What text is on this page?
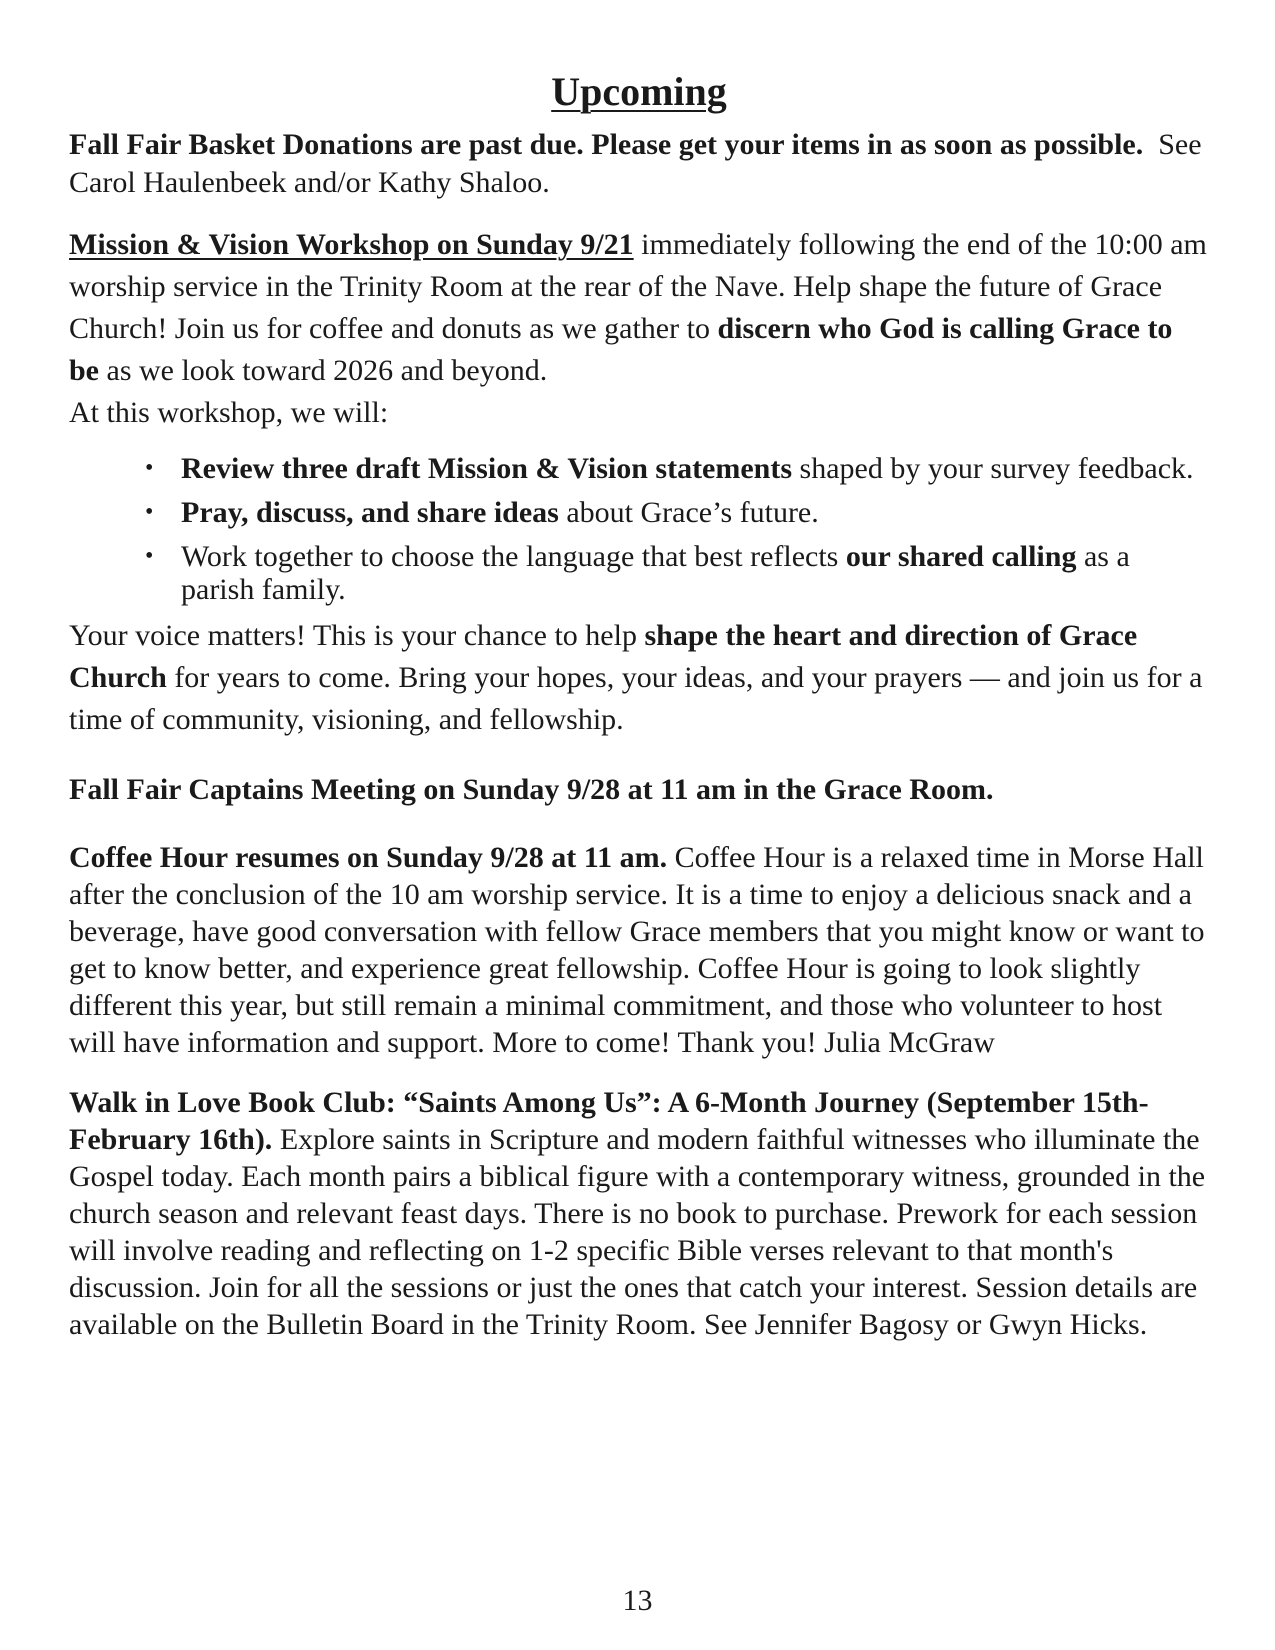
Upcoming

Fall Fair Basket Donations are past due. Please get your items in as soon as possible. See Carol Haulenbeek and/or Kathy Shaloo.

Mission & Vision Workshop on Sunday 9/21 immediately following the end of the 10:00 am worship service in the Trinity Room at the rear of the Nave. Help shape the future of Grace Church! Join us for coffee and donuts as we gather to discern who God is calling Grace to be as we look toward 2026 and beyond.
At this workshop, we will:

• Review three draft Mission & Vision statements shaped by your survey feedback.
• Pray, discuss, and share ideas about Grace’s future.
• Work together to choose the language that best reflects our shared calling as a parish family.

Your voice matters! This is your chance to help shape the heart and direction of Grace Church for years to come. Bring your hopes, your ideas, and your prayers — and join us for a time of community, visioning, and fellowship.

Fall Fair Captains Meeting on Sunday 9/28 at 11 am in the Grace Room.

Coffee Hour resumes on Sunday 9/28 at 11 am. Coffee Hour is a relaxed time in Morse Hall after the conclusion of the 10 am worship service. It is a time to enjoy a delicious snack and a beverage, have good conversation with fellow Grace members that you might know or want to get to know better, and experience great fellowship. Coffee Hour is going to look slightly different this year, but still remain a minimal commitment, and those who volunteer to host will have information and support. More to come! Thank you! Julia McGraw

Walk in Love Book Club: “Saints Among Us”: A 6-Month Journey (September 15th-February 16th). Explore saints in Scripture and modern faithful witnesses who illuminate the Gospel today. Each month pairs a biblical figure with a contemporary witness, grounded in the church season and relevant feast days. There is no book to purchase. Prework for each session will involve reading and reflecting on 1-2 specific Bible verses relevant to that month's discussion. Join for all the sessions or just the ones that catch your interest. Session details are available on the Bulletin Board in the Trinity Room. See Jennifer Bagosy or Gwyn Hicks.

13
